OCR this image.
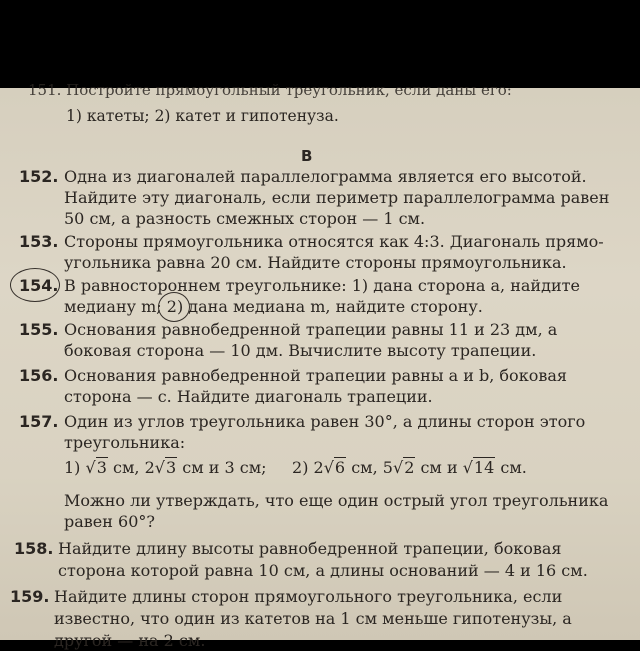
151. Постройте прямоугольный треугольник, если даны его:
1) катеты; 2) катет и гипотенуза.
В
152. Одна из диагоналей параллелограмма является его высотой.
Найдите эту диагональ, если периметр параллелограмма равен
50 см, а разность смежных сторон — 1 см.
153. Стороны прямоугольника относятся как 4:3. Диагональ прямо-
угольника равна 20 см. Найдите стороны прямоугольника.
154. В равностороннем треугольнике: 1) дана сторона a, найдите
медиану m; 2) дана медиана m, найдите сторону.
155. Основания равнобедренной трапеции равны 11 и 23 дм, а
боковая сторона — 10 дм. Вычислите высоту трапеции.
156. Основания равнобедренной трапеции равны a и b, боковая
сторона — c. Найдите диагональ трапеции.
157. Один из углов треугольника равен 30°, а длины сторон этого
треугольника:
1) √3 см, 2√3 см и 3 см; 2) 2√6 см, 5√2 см и √14 см.
Можно ли утверждать, что еще один острый угол треугольника
равен 60°?
158. Найдите длину высоты равнобедренной трапеции, боковая
сторона которой равна 10 см, а длины оснований — 4 и 16 см.
159. Найдите длины сторон прямоугольного треугольника, если
известно, что один из катетов на 1 см меньше гипотенузы, а
другой — на 2 см.
